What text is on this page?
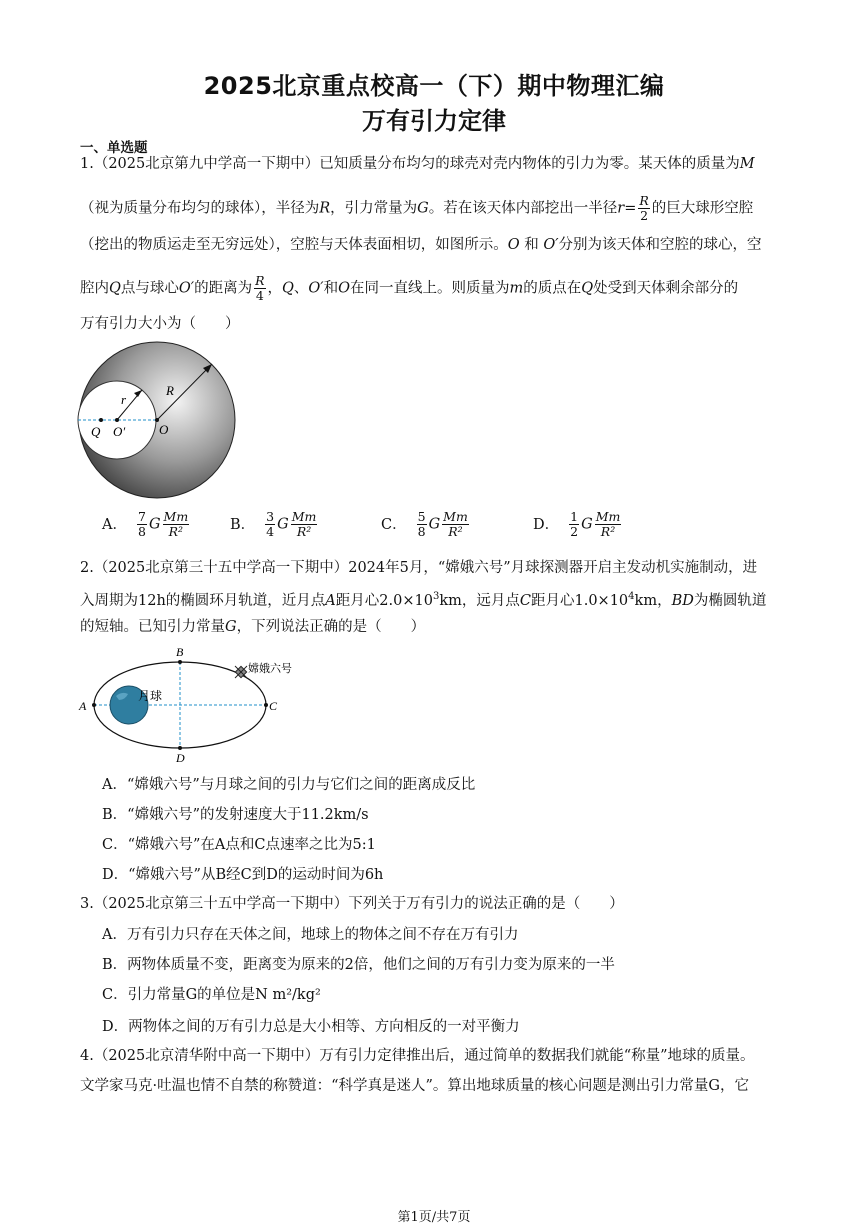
2025北京重点校高一（下）期中物理汇编
万有引力定律
一、单选题
1.（2025北京第九中学高一下期中）已知质量分布均匀的球壳对壳内物体的引力为零。某天体的质量为M
（视为质量分布均匀的球体），半径为R，引力常量为G。若在该天体内部挖出一半径$r= \frac{R}{2}$ 的巨大球形空腔
（挖出的物质运走至无穷远处），空腔与天体表面相切，如图所示。O 和 O′分别为该天体和空腔的球心，空
腔内Q点与球心O′的距离为 $\frac{R}{4}$ ，Q、O′和O在同一直线上。则质量为m的质点在Q处受到天体剩余部分的
万有引力大小为（　　）
r
R
Q O′	O
A． $\frac{7}{8}$ G $\frac{Mm}{\text{R²}}$	B． $\frac{3}{4}$ G $\frac{Mm}{\text{R²}}$	C． $\frac{5}{8}$ G $\frac{Mm}{\text{R²}}$	D． $\frac{1}{2}$ G $\frac{Mm}{\text{R²}}$
2.（2025北京第三十五中学高一下期中）2024年5月，“嫦娥六号”月球探测器开启主发动机实施制动，进
入周期为12h的椭圆环月轨道，近月点A距月心$2.0\times 10^3km$，远月点C距月心$1.0\times 10^4km$，BD为椭圆轨道
的短轴。已知引力常量G，下列说法正确的是（　　）
B
A	C
D
月球
嫦娥六号
A．“嫦娥六号”与月球之间的引力与它们之间的距离成反比
B．“嫦娥六号”的发射速度大于11.2km/s
C．“嫦娥六号”在A点和C点速率之比为5:1
D．“嫦娥六号”从B经C到D的运动时间为6h
3.（2025北京第三十五中学高一下期中）下列关于万有引力的说法正确的是（　　）
A．万有引力只存在天体之间，地球上的物体之间不存在万有引力
B．两物体质量不变，距离变为原来的2倍，他们之间的万有引力变为原来的一半
C．引力常量G的单位是N m²/kg²
D．两物体之间的万有引力总是大小相等、方向相反的一对平衡力
4.（2025北京清华附中高一下期中）万有引力定律推出后，通过简单的数据我们就能“称量”地球的质量。
文学家马克·吐温也情不自禁的称赞道：“科学真是迷人”。算出地球质量的核心问题是测出引力常量G，它
第1页/共7页
